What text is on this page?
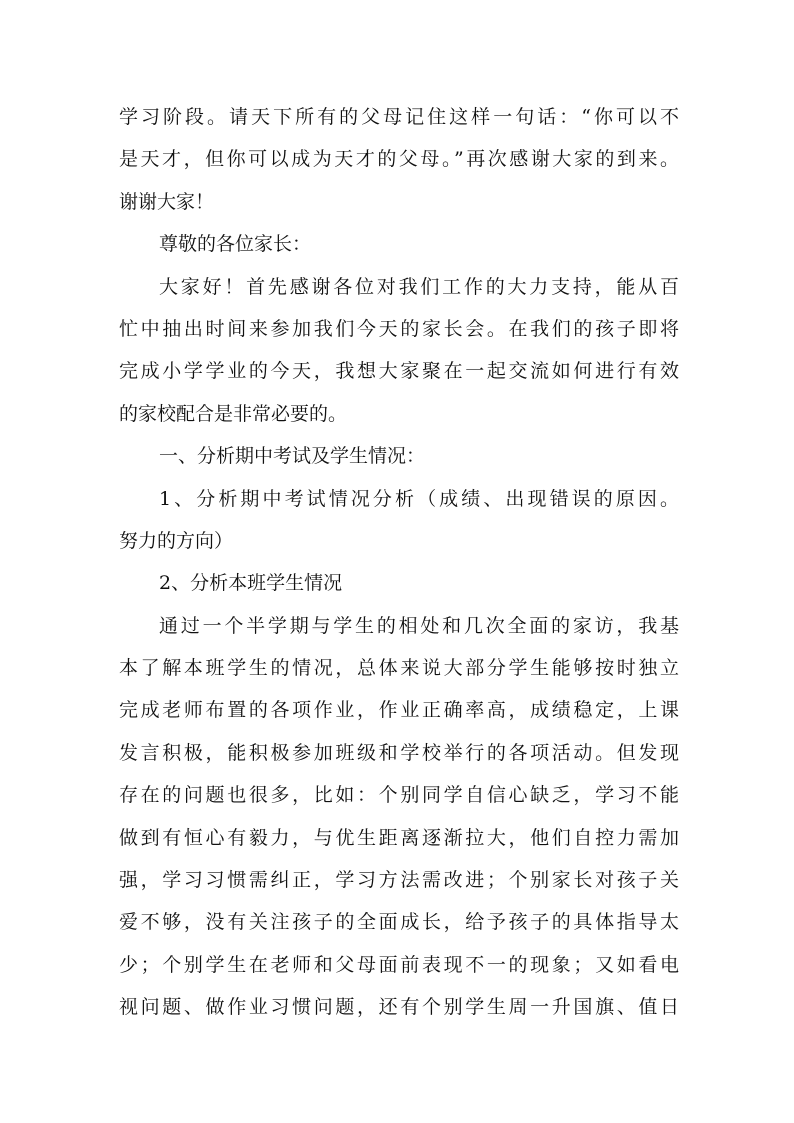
学习阶段。请天下所有的父母记住这样一句话：“你可以不
是天才，但你可以成为天才的父母。”再次感谢大家的到来。
谢谢大家！
尊敬的各位家长：
大家好！首先感谢各位对我们工作的大力支持，能从百
忙中抽出时间来参加我们今天的家长会。在我们的孩子即将
完成小学学业的今天，我想大家聚在一起交流如何进行有效
的家校配合是非常必要的。
一、分析期中考试及学生情况：
1、分析期中考试情况分析（成绩、出现错误的原因。
努力的方向）
2、分析本班学生情况
通过一个半学期与学生的相处和几次全面的家访，我基
本了解本班学生的情况，总体来说大部分学生能够按时独立
完成老师布置的各项作业，作业正确率高，成绩稳定，上课
发言积极，能积极参加班级和学校举行的各项活动。但发现
存在的问题也很多，比如：个别同学自信心缺乏，学习不能
做到有恒心有毅力，与优生距离逐渐拉大，他们自控力需加
强，学习习惯需纠正，学习方法需改进；个别家长对孩子关
爱不够，没有关注孩子的全面成长，给予孩子的具体指导太
少；个别学生在老师和父母面前表现不一的现象；又如看电
视问题、做作业习惯问题，还有个别学生周一升国旗、值日
